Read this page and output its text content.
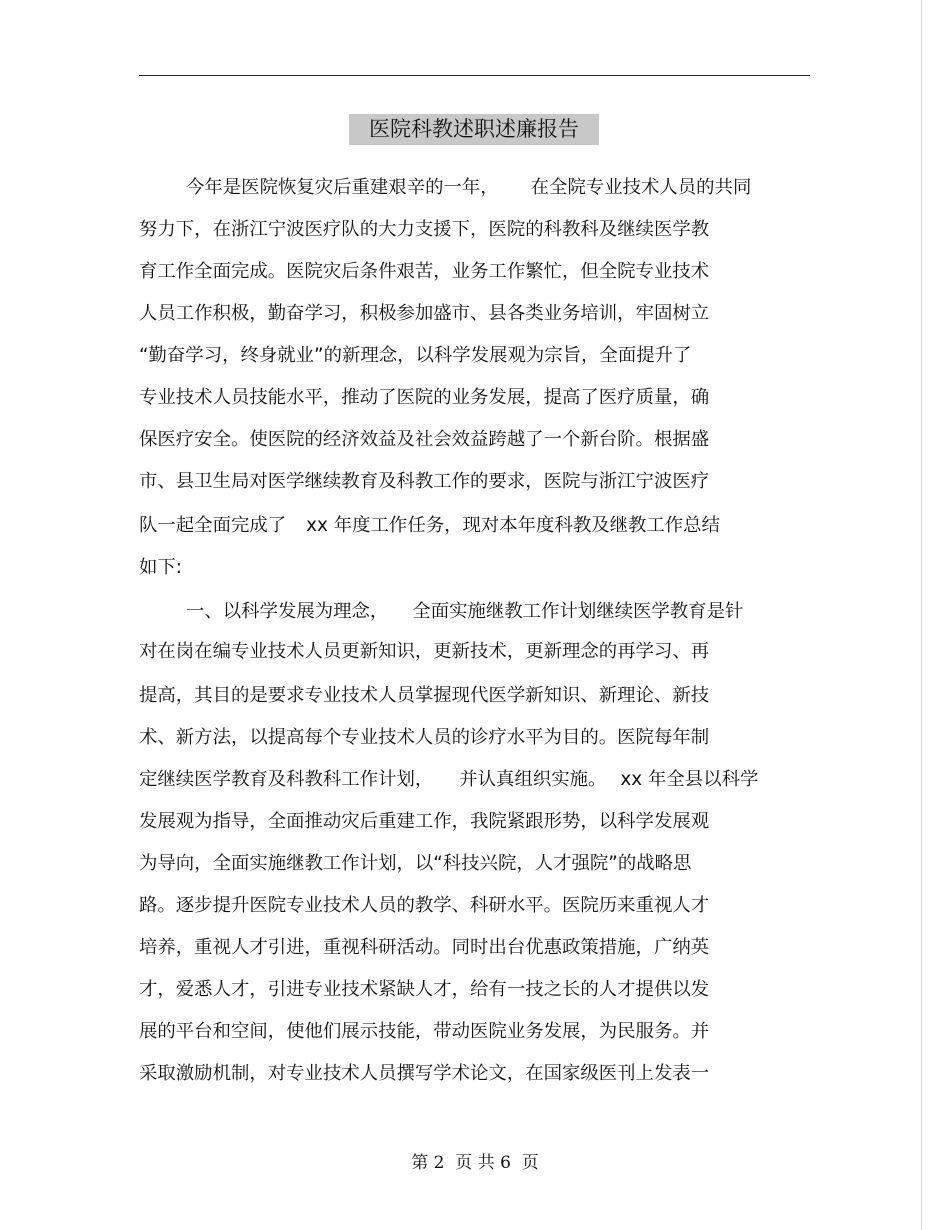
医院科教述职述廉报告
今年是医院恢复灾后重建艰辛的一年， 在全院专业技术人员的共同
努力下，在浙江宁波医疗队的大力支援下，医院的科教科及继续医学教
育工作全面完成。医院灾后条件艰苦，业务工作繁忙，但全院专业技术
人员工作积极，勤奋学习，积极参加盛市、县各类业务培训，牢固树立
“勤奋学习，终身就业”的新理念，以科学发展观为宗旨，全面提升了
专业技术人员技能水平，推动了医院的业务发展，提高了医疗质量，确
保医疗安全。使医院的经济效益及社会效益跨越了一个新台阶。根据盛
市、县卫生局对医学继续教育及科教工作的要求，医院与浙江宁波医疗
队一起全面完成了 xx 年度工作任务，现对本年度科教及继教工作总结
如下:
一、以科学发展为理念， 全面实施继教工作计划继续医学教育是针
对在岗在编专业技术人员更新知识，更新技术，更新理念的再学习、再
提高，其目的是要求专业技术人员掌握现代医学新知识、新理论、新技
术、新方法，以提高每个专业技术人员的诊疗水平为目的。医院每年制
定继续医学教育及科教科工作计划， 并认真组织实施。 xx 年全县以科学
发展观为指导，全面推动灾后重建工作，我院紧跟形势，以科学发展观
为导向，全面实施继教工作计划，以“科技兴院，人才强院”的战略思
路。逐步提升医院专业技术人员的教学、科研水平。医院历来重视人才
培养，重视人才引进，重视科研活动。同时出台优惠政策措施，广纳英
才，爱悉人才，引进专业技术紧缺人才，给有一技之长的人才提供以发
展的平台和空间，使他们展示技能，带动医院业务发展，为民服务。并
采取激励机制，对专业技术人员撰写学术论文，在国家级医刊上发表一
第 2  页 共 6  页
